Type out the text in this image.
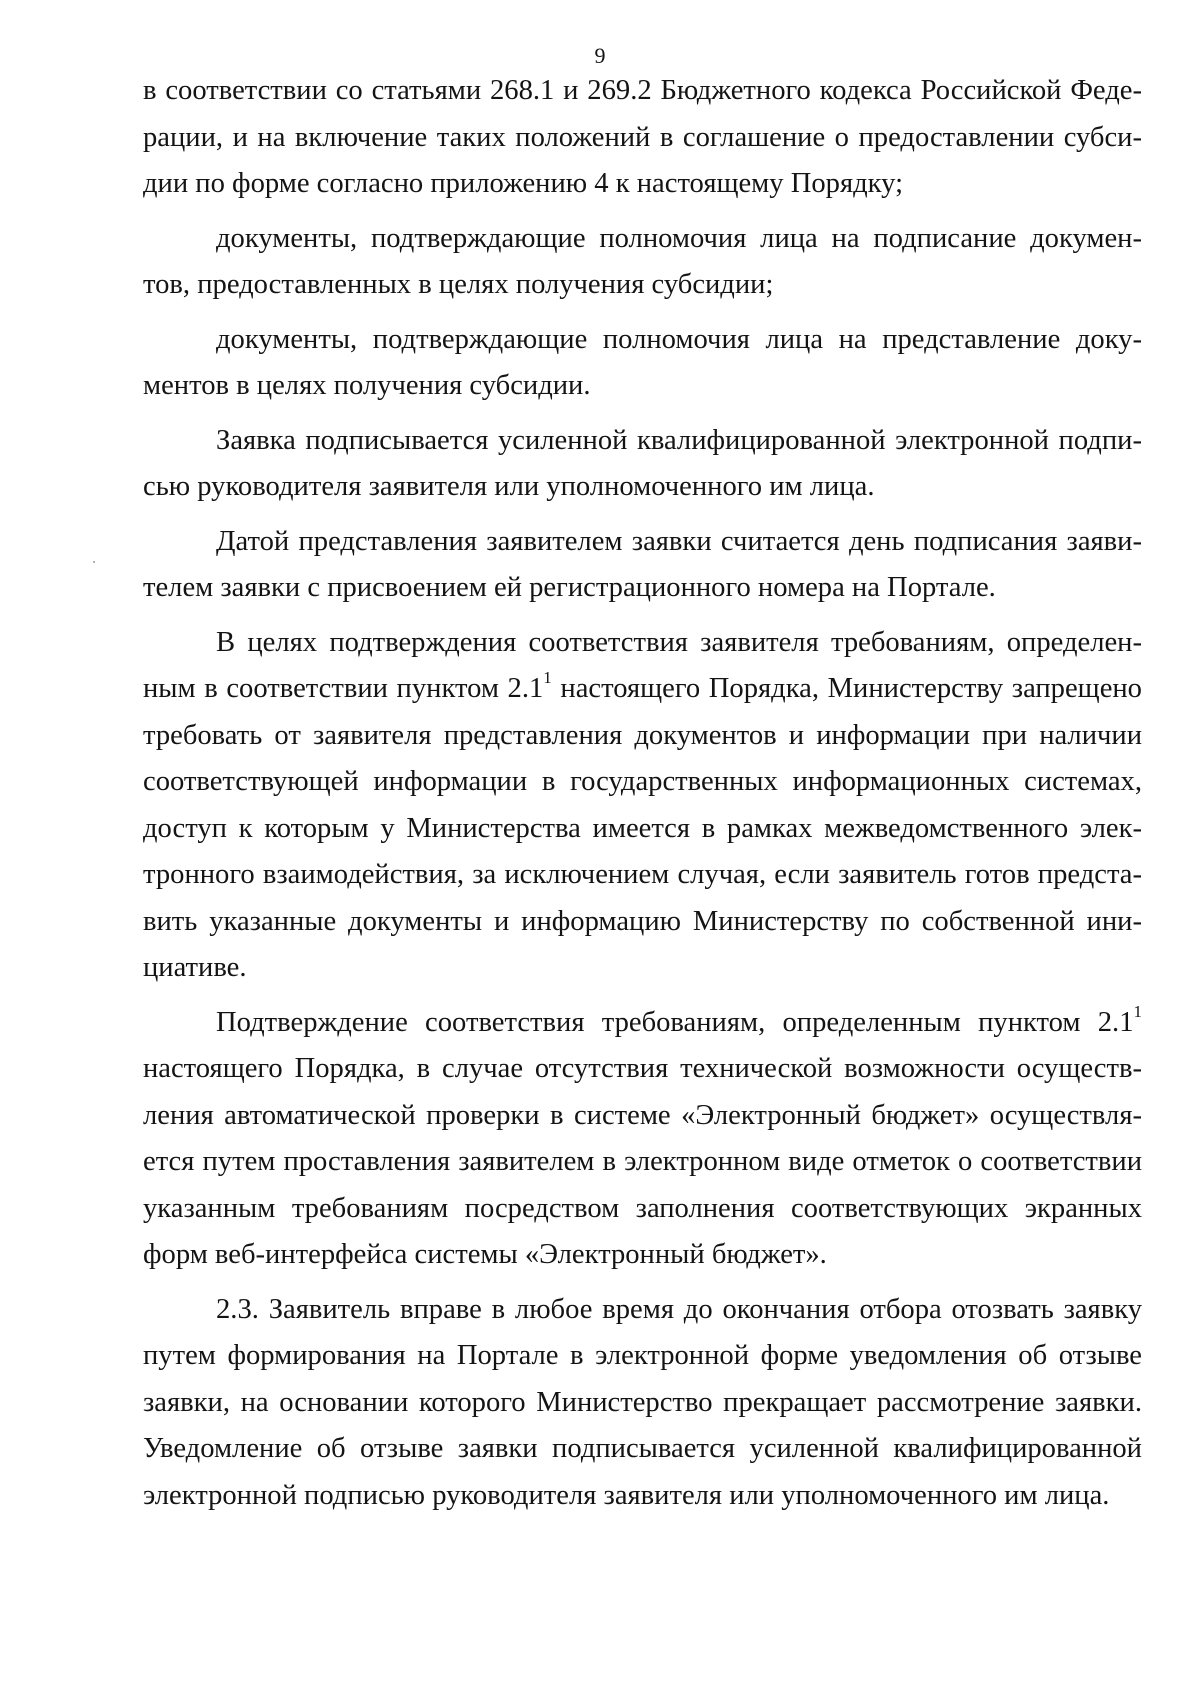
9
в соответствии со статьями 268.1 и 269.2 Бюджетного кодекса Российской Феде-
рации, и на включение таких положений в соглашение о предоставлении субси-
дии по форме согласно приложению 4 к настоящему Порядку;
документы, подтверждающие полномочия лица на подписание докумен-
тов, предоставленных в целях получения субсидии;
документы, подтверждающие полномочия лица на представление доку-
ментов в целях получения субсидии.
Заявка подписывается усиленной квалифицированной электронной подпи-
сью руководителя заявителя или уполномоченного им лица.
Датой представления заявителем заявки считается день подписания заяви-
телем заявки с присвоением ей регистрационного номера на Портале.
В целях подтверждения соответствия заявителя требованиям, определен-
ным в соответствии пунктом $2.1^1$ настоящего Порядка, Министерству запрещено
требовать от заявителя представления документов и информации при наличии
соответствующей информации в государственных информационных системах,
доступ к которым у Министерства имеется в рамках межведомственного элек-
тронного взаимодействия, за исключением случая, если заявитель готов предста-
вить указанные документы и информацию Министерству по собственной ини-
циативе.
Подтверждение соответствия требованиям, определенным пунктом $2.1^1$
настоящего Порядка, в случае отсутствия технической возможности осуществ-
ления автоматической проверки в системе «Электронный бюджет» осуществля-
ется путем проставления заявителем в электронном виде отметок о соответствии
указанным требованиям посредством заполнения соответствующих экранных
форм веб-интерфейса системы «Электронный бюджет».
2.3. Заявитель вправе в любое время до окончания отбора отозвать заявку
путем формирования на Портале в электронной форме уведомления об отзыве
заявки, на основании которого Министерство прекращает рассмотрение заявки.
Уведомление об отзыве заявки подписывается усиленной квалифицированной
электронной подписью руководителя заявителя или уполномоченного им лица.
